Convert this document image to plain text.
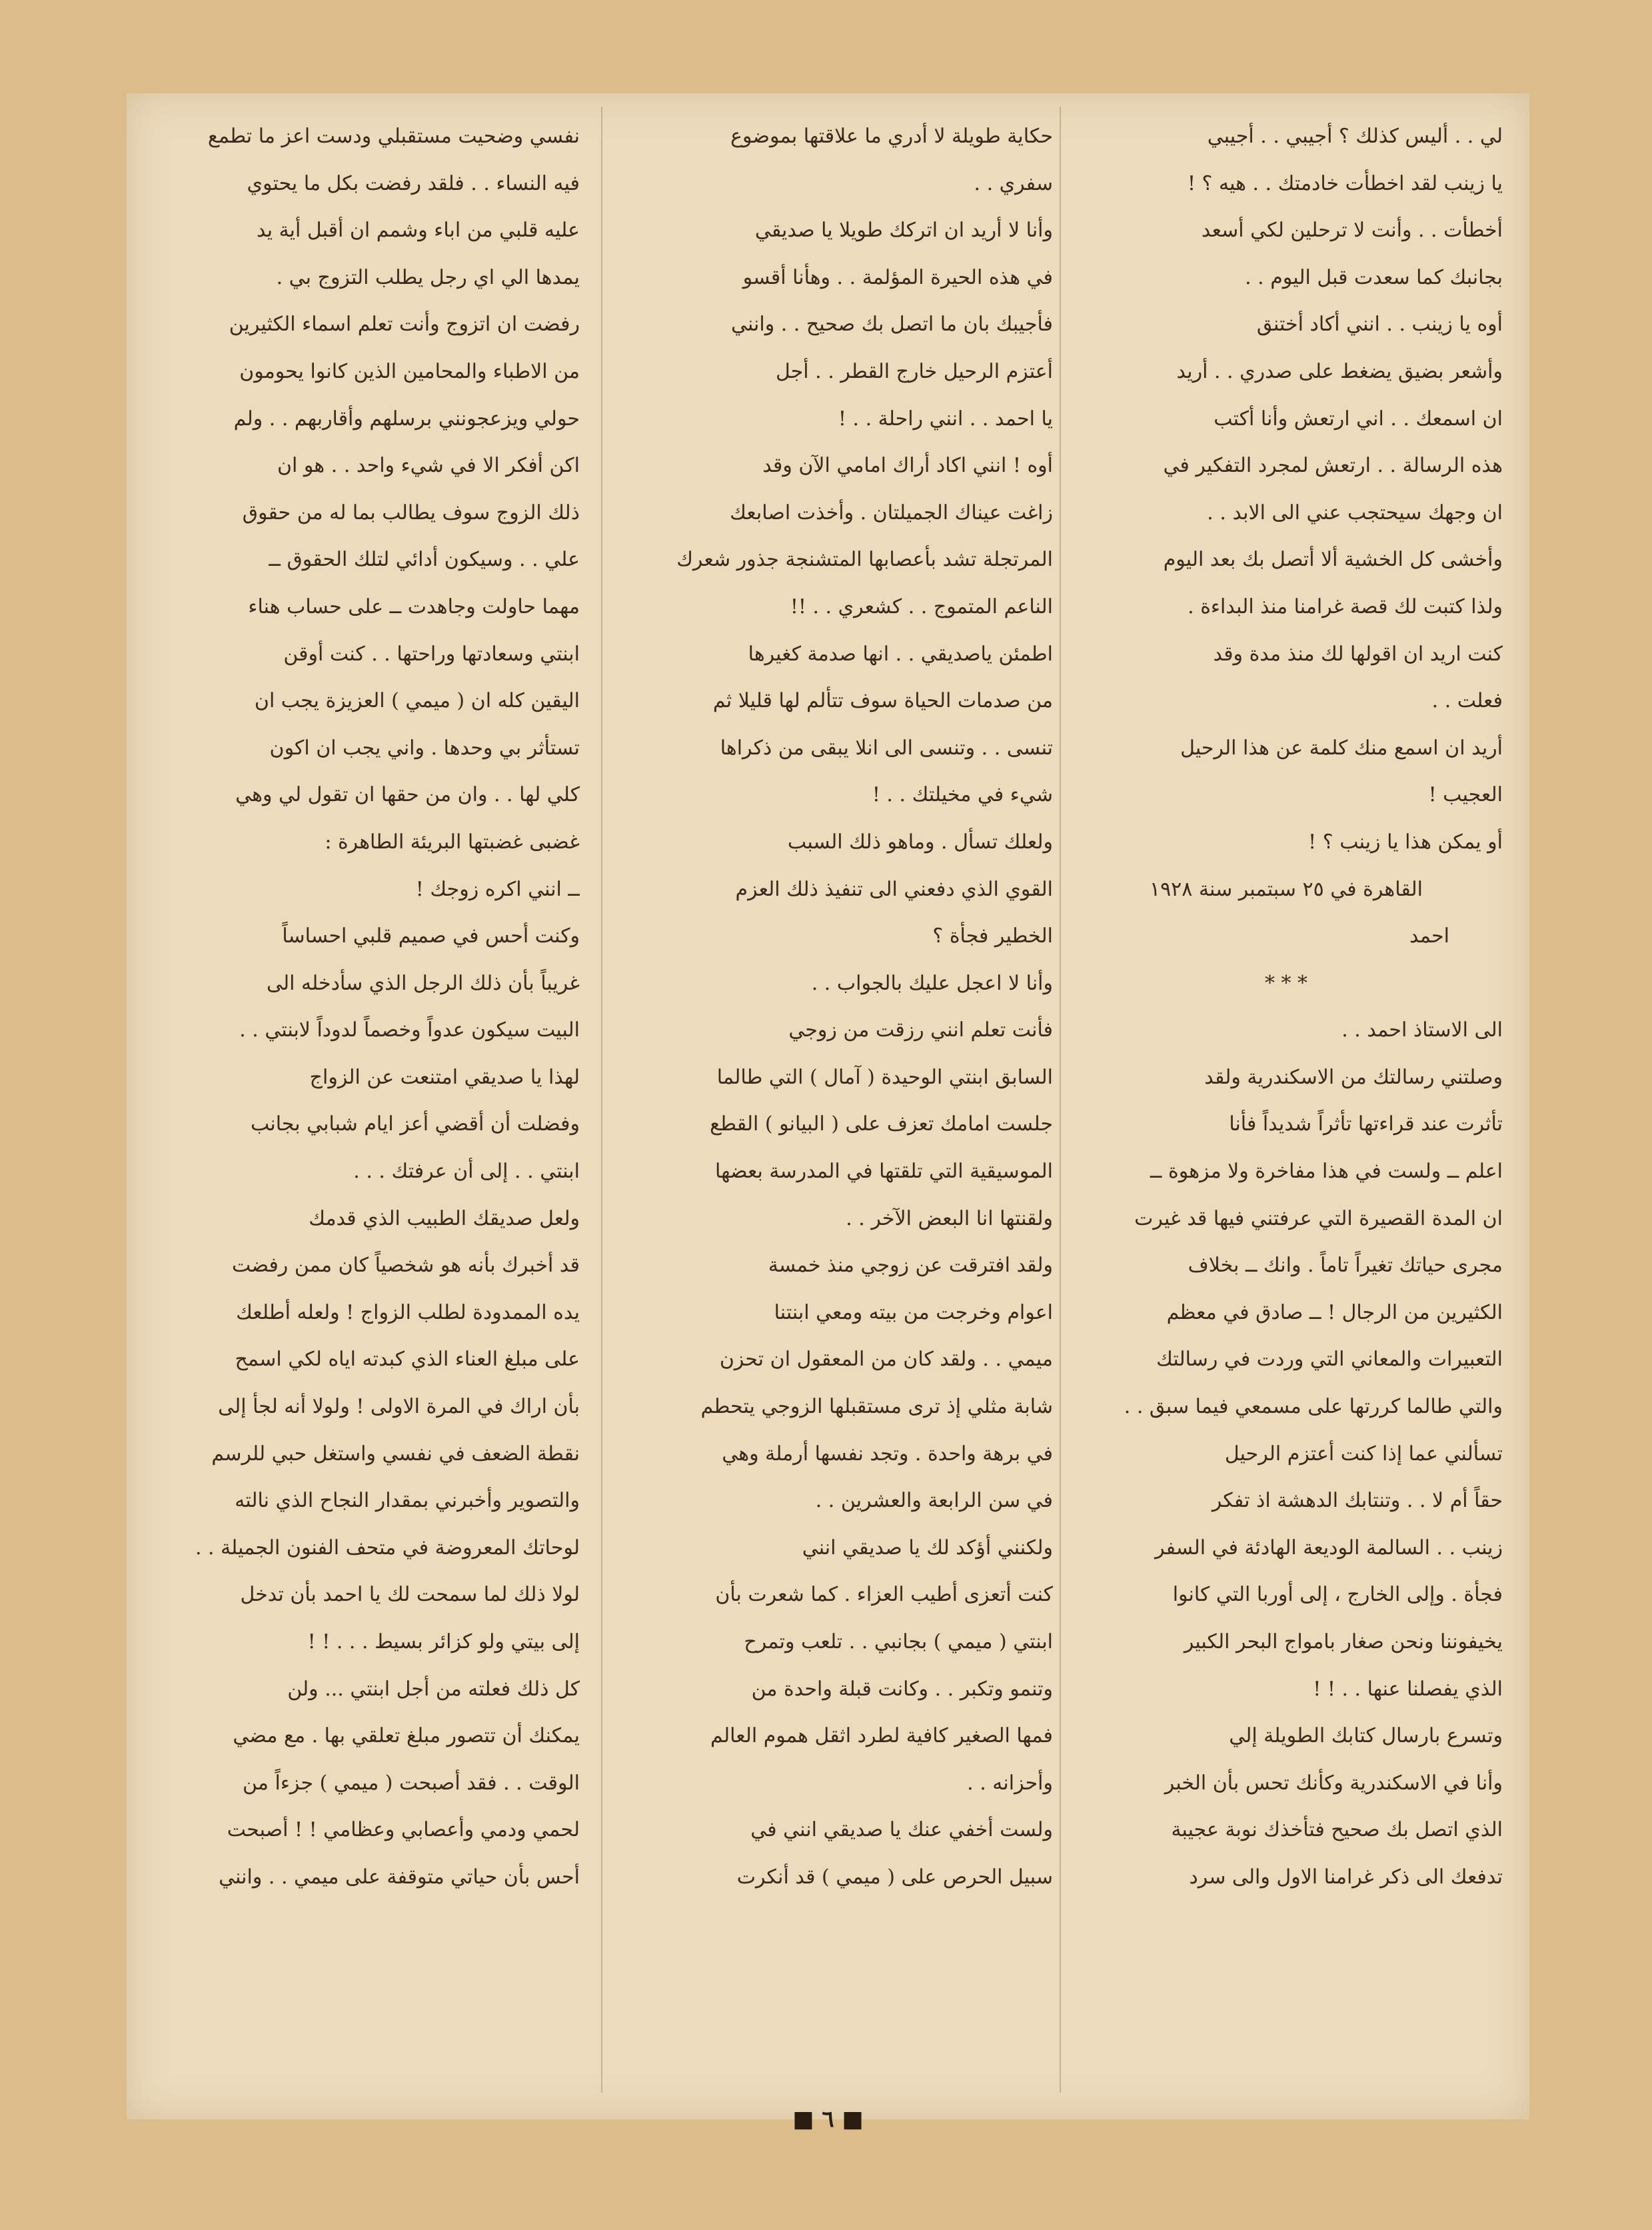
لي . . أليس كذلك ؟ أجيبي . . أجيبي

يا زينب لقد اخطأت خادمتك . . هيه ؟ !

أخطأت . . وأنت لا ترحلين لكي أسعد

بجانبك كما سعدت قبل اليوم . .

أوه يا زينب . . انني أكاد أختنق

وأشعر بضيق يضغط على صدري . . أريد

ان اسمعك . . اني ارتعش وأنا أكتب

هذه الرسالة . . ارتعش لمجرد التفكير في

ان وجهك سيحتجب عني الى الابد . .

وأخشى كل الخشية ألا أتصل بك بعد اليوم

ولذا كتبت لك قصة غرامنا منذ البداءة .

كنت اريد ان اقولها لك منذ مدة وقد

فعلت . .

أريد ان اسمع منك كلمة عن هذا الرحيل

العجيب !

أو يمكن هذا يا زينب ؟ !

القاهرة في ٢٥ سبتمبر سنة ١٩٢٨

احمد

* * *

الى الاستاذ احمد . .

وصلتني رسالتك من الاسكندرية ولقد

تأثرت عند قراءتها تأثراً شديداً فأنا

اعلم ــ ولست في هذا مفاخرة ولا مزهوة ــ

ان المدة القصيرة التي عرفتني فيها قد غيرت

مجرى حياتك تغيراً تاماً . وانك ــ بخلاف

الكثيرين من الرجال ! ــ صادق في معظم

التعبيرات والمعاني التي وردت في رسالتك

والتي طالما كررتها على مسمعي فيما سبق . .

تسألني عما إذا كنت أعتزم الرحيل

حقاً أم لا . . وتنتابك الدهشة اذ تفكر

زينب . . السالمة الوديعة الهادئة في السفر

فجأة . وإلى الخارج ، إلى أوربا التي كانوا

يخيفوننا ونحن صغار بامواج البحر الكبير

الذي يفصلنا عنها . . ! !

وتسرع بارسال كتابك الطويلة إلي

وأنا في الاسكندرية وكأنك تحس بأن الخبر

الذي اتصل بك صحيح فتأخذك نوبة عجيبة

تدفعك الى ذكر غرامنا الاول والى سرد

حكاية طويلة لا أدري ما علاقتها بموضوع

سفري . .

وأنا لا أريد ان اتركك طويلا يا صديقي

في هذه الحيرة المؤلمة . . وهأنا أقسو

فأجيبك بان ما اتصل بك صحيح . . وانني

أعتزم الرحيل خارج القطر . . أجل

يا احمد . . انني راحلة . . !

أوه ! انني اكاد أراك امامي الآن وقد

زاغت عيناك الجميلتان . وأخذت اصابعك

المرتجلة تشد بأعصابها المتشنجة جذور شعرك

الناعم المتموج . . كشعري . . !!

اطمئن ياصديقي . . انها صدمة كغيرها

من صدمات الحياة سوف تتألم لها قليلا ثم

تنسى . . وتنسى الى انلا يبقى من ذكراها

شيء في مخيلتك . . !

ولعلك تسأل . وماهو ذلك السبب

القوي الذي دفعني الى تنفيذ ذلك العزم

الخطير فجأة ؟

وأنا لا اعجل عليك بالجواب . .

فأنت تعلم انني رزقت من زوجي

السابق ابنتي الوحيدة ( آمال ) التي طالما

جلست امامك تعزف على ( البيانو ) القطع

الموسيقية التي تلقتها في المدرسة بعضها

ولقنتها انا البعض الآخر . .

ولقد افترقت عن زوجي منذ خمسة

اعوام وخرجت من بيته ومعي ابنتنا

ميمي . . ولقد كان من المعقول ان تحزن

شابة مثلي إذ ترى مستقبلها الزوجي يتحطم

في برهة واحدة . وتجد نفسها أرملة وهي

في سن الرابعة والعشرين . .

ولكنني أؤكد لك يا صديقي انني

كنت أتعزى أطيب العزاء . كما شعرت بأن

ابنتي ( ميمي ) بجانبي . . تلعب وتمرح

وتنمو وتكبر . . وكانت قبلة واحدة من

فمها الصغير كافية لطرد اثقل هموم العالم

وأحزانه . .

ولست أخفي عنك يا صديقي انني في

سبيل الحرص على ( ميمي ) قد أنكرت

نفسي وضحيت مستقبلي ودست اعز ما تطمع

فيه النساء . . فلقد رفضت بكل ما يحتوي

عليه قلبي من اباء وشمم ان أقبل أية يد

يمدها الي اي رجل يطلب التزوج بي .

رفضت ان اتزوج وأنت تعلم اسماء الكثيرين

من الاطباء والمحامين الذين كانوا يحومون

حولي ويزعجونني برسلهم وأقاربهم . . ولم

اكن أفكر الا في شيء واحد . . هو ان

ذلك الزوج سوف يطالب بما له من حقوق

علي . . وسيكون أدائي لتلك الحقوق ــ

مهما حاولت وجاهدت ــ على حساب هناء

ابنتي وسعادتها وراحتها . . كنت أوقن

اليقين كله ان ( ميمي ) العزيزة يجب ان

تستأثر بي وحدها . واني يجب ان اكون

كلي لها . . وان من حقها ان تقول لي وهي

غضبى غضبتها البريئة الطاهرة :

ــ انني اكره زوجك !

وكنت أحس في صميم قلبي احساساً

غريباً بأن ذلك الرجل الذي سأدخله الى

البيت سيكون عدواً وخصماً لدوداً لابنتي . .

لهذا يا صديقي امتنعت عن الزواج

وفضلت أن أقضي أعز ايام شبابي بجانب

ابنتي . . إلى أن عرفتك . . .

ولعل صديقك الطبيب الذي قدمك

قد أخبرك بأنه هو شخصياً كان ممن رفضت

يده الممدودة لطلب الزواج ! ولعله أطلعك

على مبلغ العناء الذي كبدته اياه لكي اسمح

بأن اراك في المرة الاولى ! ولولا أنه لجأ إلى

نقطة الضعف في نفسي واستغل حبي للرسم

والتصوير وأخبرني بمقدار النجاح الذي نالته

لوحاتك المعروضة في متحف الفنون الجميلة . .

لولا ذلك لما سمحت لك يا احمد بأن تدخل

إلى بيتي ولو كزائر بسيط . . . ! !

كل ذلك فعلته من أجل ابنتي ... ولن

يمكنك أن تتصور مبلغ تعلقي بها . مع مضي

الوقت . . فقد أصبحت ( ميمي ) جزءاً من

لحمي ودمي وأعصابي وعظامي ! ! أصبحت

أحس بأن حياتي متوقفة على ميمي . . وانني

■ ٦ ■
